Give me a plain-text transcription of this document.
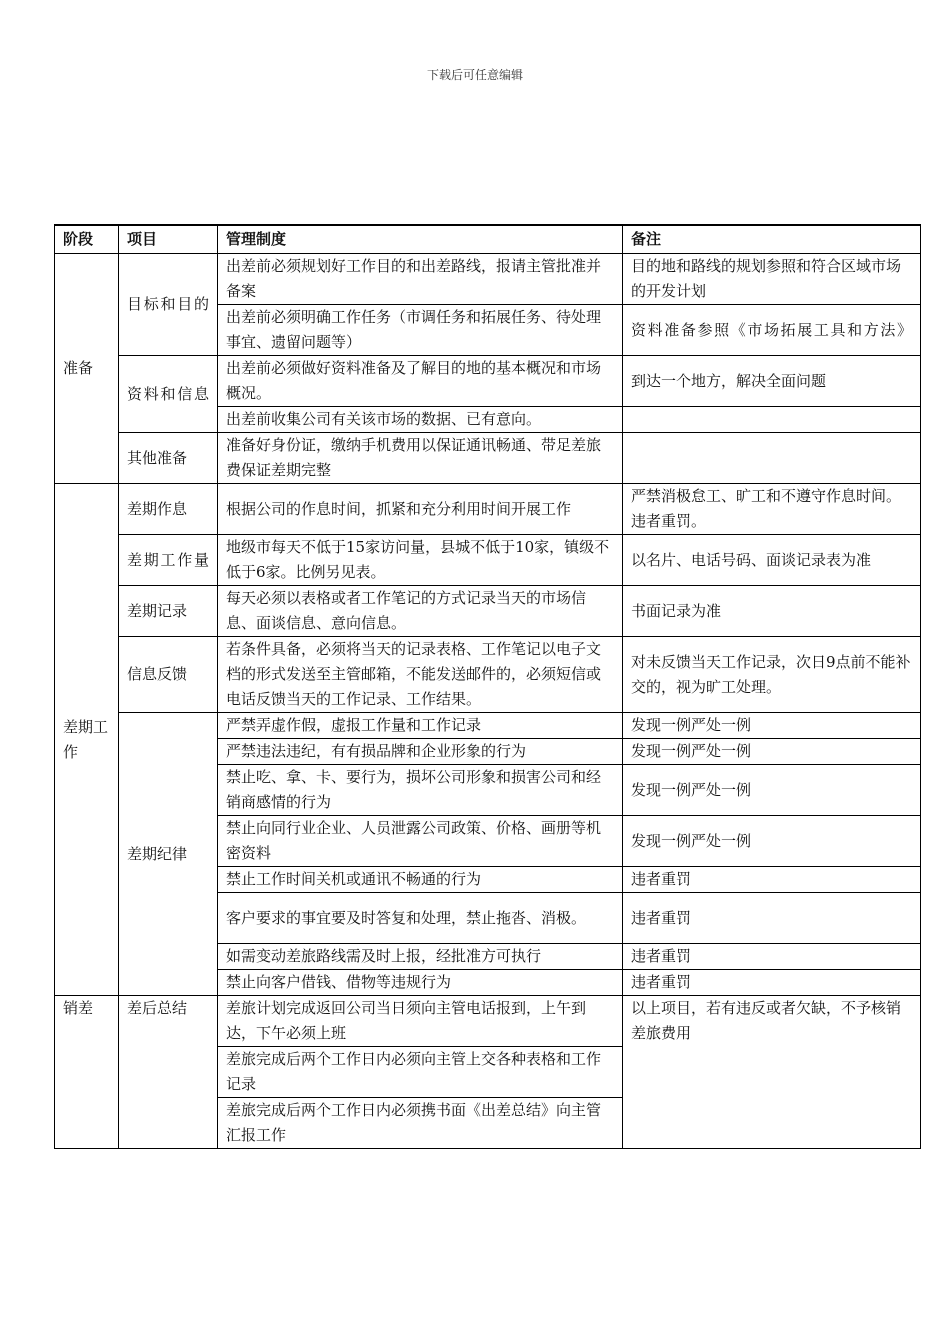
下载后可任意编辑
阶段	项目	管理制度	备注
准备	目标和目的	出差前必须规划好工作目的和出差路线，报请主管批准并备案	目的地和路线的规划参照和符合区域市场的开发计划
		出差前必须明确工作任务（市调任务和拓展任务、待处理事宜、遗留问题等）	资料准备参照《市场拓展工具和方法》
	资料和信息	出差前必须做好资料准备及了解目的地的基本概况和市场概况。	到达一个地方，解决全面问题
		出差前收集公司有关该市场的数据、已有意向。	
	其他准备	准备好身份证，缴纳手机费用以保证通讯畅通、带足差旅费保证差期完整	
差期工作	差期作息	根据公司的作息时间，抓紧和充分利用时间开展工作	严禁消极怠工、旷工和不遵守作息时间。违者重罚。
	差期工作量	地级市每天不低于15家访问量，县城不低于10家，镇级不低于6家。比例另见表。	以名片、电话号码、面谈记录表为准
	差期记录	每天必须以表格或者工作笔记的方式记录当天的市场信息、面谈信息、意向信息。	书面记录为准
	信息反馈	若条件具备，必须将当天的记录表格、工作笔记以电子文档的形式发送至主管邮箱，不能发送邮件的，必须短信或电话反馈当天的工作记录、工作结果。	对未反馈当天工作记录，次日9点前不能补交的，视为旷工处理。
	差期纪律	严禁弄虚作假，虚报工作量和工作记录	发现一例严处一例
		严禁违法违纪，有有损品牌和企业形象的行为	发现一例严处一例
		禁止吃、拿、卡、要行为，损坏公司形象和损害公司和经销商感情的行为	发现一例严处一例
		禁止向同行业企业、人员泄露公司政策、价格、画册等机密资料	发现一例严处一例
		禁止工作时间关机或通讯不畅通的行为	违者重罚
		客户要求的事宜要及时答复和处理，禁止拖沓、消极。	违者重罚
		如需变动差旅路线需及时上报，经批准方可执行	违者重罚
		禁止向客户借钱、借物等违规行为	违者重罚
销差	差后总结	差旅计划完成返回公司当日须向主管电话报到，上午到达，下午必须上班	以上项目，若有违反或者欠缺，不予核销差旅费用
		差旅完成后两个工作日内必须向主管上交各种表格和工作记录	
		差旅完成后两个工作日内必须携书面《出差总结》向主管汇报工作	
